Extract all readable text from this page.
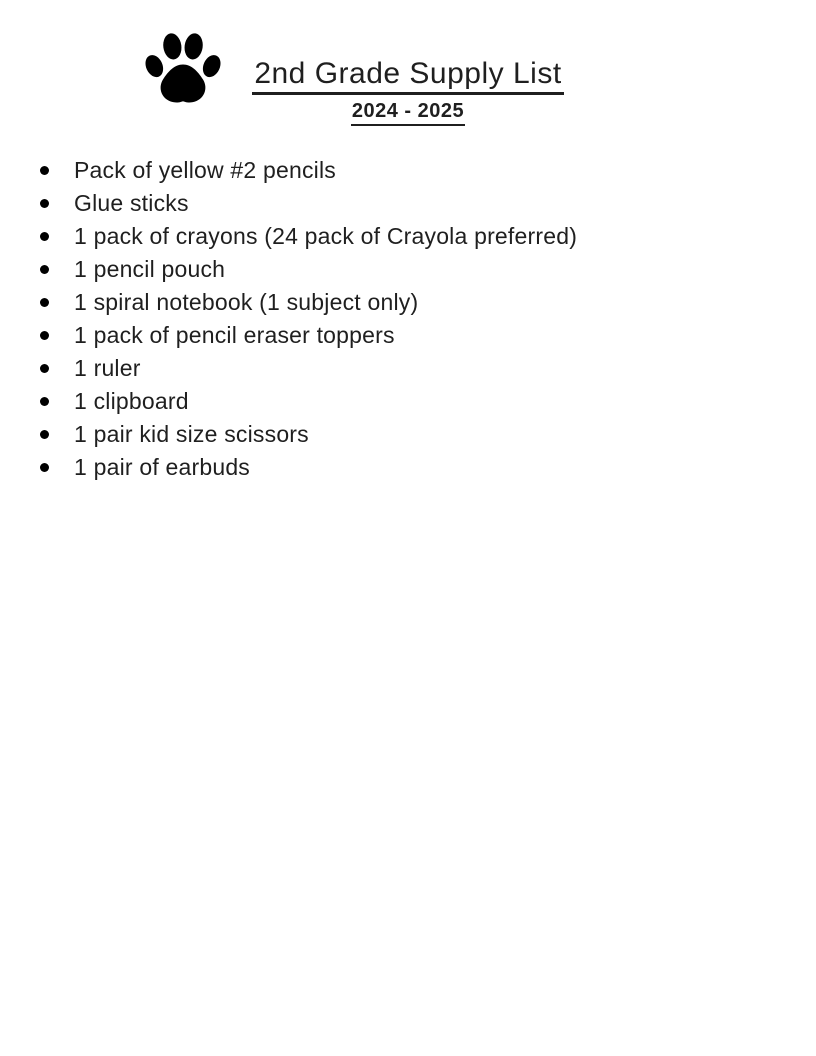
2nd Grade Supply List
2024 - 2025
Pack of yellow #2 pencils
Glue sticks
1 pack of crayons (24 pack of Crayola preferred)
1 pencil pouch
1 spiral notebook (1 subject only)
1 pack of pencil eraser toppers
1 ruler
1 clipboard
1 pair kid size scissors
1 pair of earbuds
